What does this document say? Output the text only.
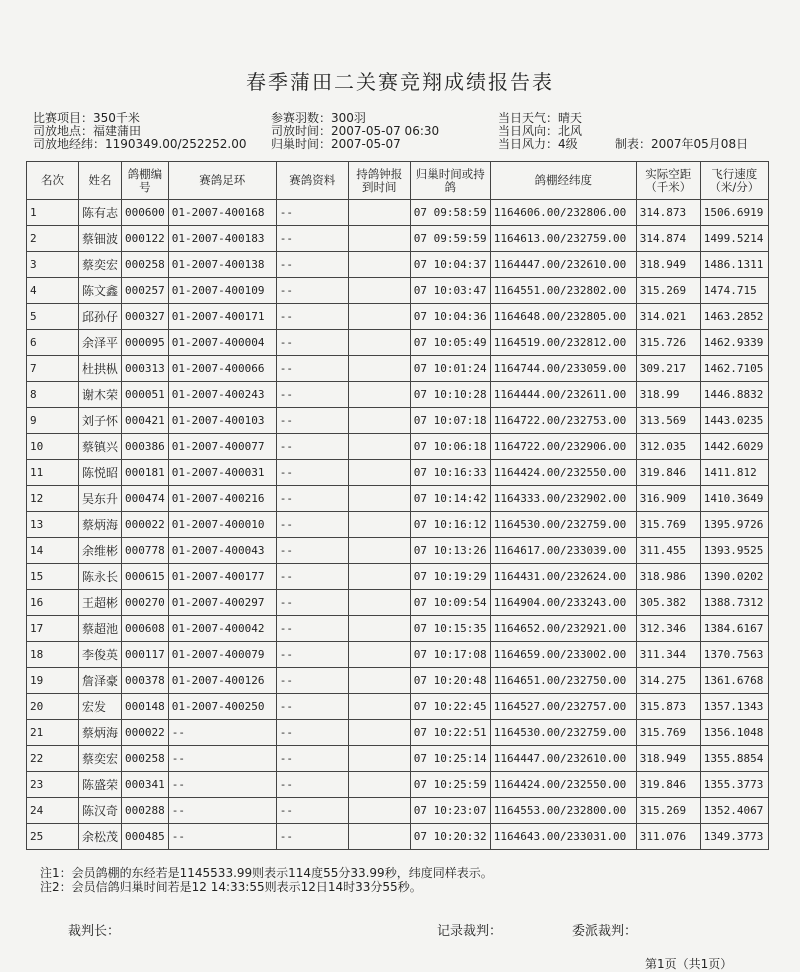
春季蒲田二关赛竞翔成绩报告表
比赛项目：350千米
司放地点：福建蒲田
司放地经纬：1190349.00/252252.00
参赛羽数：300羽
司放时间：2007-05-07 06:30
归巢时间：2007-05-07
当日天气：晴天
当日风向：北风
当日风力：4级	制表：2007年05月08日
名次	姓名	鸽棚编号	赛鸽足环	赛鸽资料	持鸽钟报到时间	归巢时间或持鸽	鸽棚经纬度	实际空距（千米）	飞行速度（米/分）
1	陈有志	000600	01-2007-400168	--		07 09:58:59	1164606.00/232806.00	314.873	1506.6919
2	蔡钿波	000122	01-2007-400183	--		07 09:59:59	1164613.00/232759.00	314.874	1499.5214
3	蔡奕宏	000258	01-2007-400138	--		07 10:04:37	1164447.00/232610.00	318.949	1486.1311
4	陈文鑫	000257	01-2007-400109	--		07 10:03:47	1164551.00/232802.00	315.269	1474.715
5	邱孙仔	000327	01-2007-400171	--		07 10:04:36	1164648.00/232805.00	314.021	1463.2852
6	余泽平	000095	01-2007-400004	--		07 10:05:49	1164519.00/232812.00	315.726	1462.9339
7	杜拱枞	000313	01-2007-400066	--		07 10:01:24	1164744.00/233059.00	309.217	1462.7105
8	谢木荣	000051	01-2007-400243	--		07 10:10:28	1164444.00/232611.00	318.99	1446.8832
9	刘子怀	000421	01-2007-400103	--		07 10:07:18	1164722.00/232753.00	313.569	1443.0235
10	蔡镇兴	000386	01-2007-400077	--		07 10:06:18	1164722.00/232906.00	312.035	1442.6029
11	陈悦昭	000181	01-2007-400031	--		07 10:16:33	1164424.00/232550.00	319.846	1411.812
12	吴东升	000474	01-2007-400216	--		07 10:14:42	1164333.00/232902.00	316.909	1410.3649
13	蔡炳海	000022	01-2007-400010	--		07 10:16:12	1164530.00/232759.00	315.769	1395.9726
14	余维彬	000778	01-2007-400043	--		07 10:13:26	1164617.00/233039.00	311.455	1393.9525
15	陈永长	000615	01-2007-400177	--		07 10:19:29	1164431.00/232624.00	318.986	1390.0202
16	王超彬	000270	01-2007-400297	--		07 10:09:54	1164904.00/233243.00	305.382	1388.7312
17	蔡超池	000608	01-2007-400042	--		07 10:15:35	1164652.00/232921.00	312.346	1384.6167
18	李俊英	000117	01-2007-400079	--		07 10:17:08	1164659.00/233002.00	311.344	1370.7563
19	詹泽豪	000378	01-2007-400126	--		07 10:20:48	1164651.00/232750.00	314.275	1361.6768
20	宏发	000148	01-2007-400250	--		07 10:22:45	1164527.00/232757.00	315.873	1357.1343
21	蔡炳海	000022	--	--		07 10:22:51	1164530.00/232759.00	315.769	1356.1048
22	蔡奕宏	000258	--	--		07 10:25:14	1164447.00/232610.00	318.949	1355.8854
23	陈盛荣	000341	--	--		07 10:25:59	1164424.00/232550.00	319.846	1355.3773
24	陈汉奇	000288	--	--		07 10:23:07	1164553.00/232800.00	315.269	1352.4067
25	余松茂	000485	--	--		07 10:20:32	1164643.00/233031.00	311.076	1349.3773
注1：会员鸽棚的东经若是1145533.99则表示114度55分33.99秒，纬度同样表示。
注2：会员信鸽归巢时间若是12 14:33:55则表示12日14时33分55秒。
裁判长：	记录裁判：	委派裁判：
第1页（共1页）
